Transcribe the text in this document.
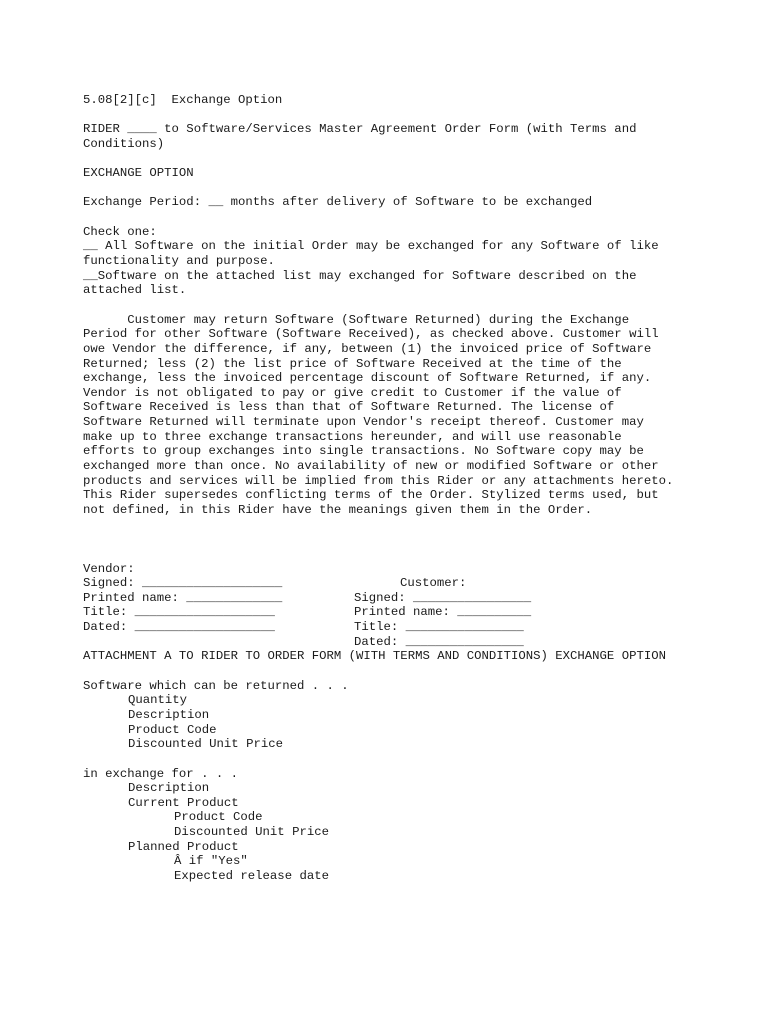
5.08[2][c]  Exchange Option
RIDER ____ to Software/Services Master Agreement Order Form (with Terms and
Conditions)
EXCHANGE OPTION
Exchange Period: __ months after delivery of Software to be exchanged
Check one:
__ All Software on the initial Order may be exchanged for any Software of like
functionality and purpose.
__Software on the attached list may exchanged for Software described on the
attached list.
Customer may return Software (Software Returned) during the Exchange
Period for other Software (Software Received), as checked above. Customer will
owe Vendor the difference, if any, between (1) the invoiced price of Software
Returned; less (2) the list price of Software Received at the time of the
exchange, less the invoiced percentage discount of Software Returned, if any.
Vendor is not obligated to pay or give credit to Customer if the value of
Software Received is less than that of Software Returned. The license of
Software Returned will terminate upon Vendor's receipt thereof. Customer may
make up to three exchange transactions hereunder, and will use reasonable
efforts to group exchanges into single transactions. No Software copy may be
exchanged more than once. No availability of new or modified Software or other
products and services will be implied from this Rider or any attachments hereto.
This Rider supersedes conflicting terms of the Order. Stylized terms used, but
not defined, in this Rider have the meanings given them in the Order.

Vendor:

Customer:

Signed: ___________________

Signed: ________________

Printed name: _____________

Printed name: __________

Title: ___________________

Title: ________________

Dated: ___________________

Dated: ________________

ATTACHMENT A TO RIDER TO ORDER FORM (WITH TERMS AND CONDITIONS) EXCHANGE OPTION
Software which can be returned . . .
Quantity
Description
Product Code
Discounted Unit Price
in exchange for . . .
Description
Current Product
Product Code
Discounted Unit Price
Planned Product
Â if "Yes"
Expected release date
